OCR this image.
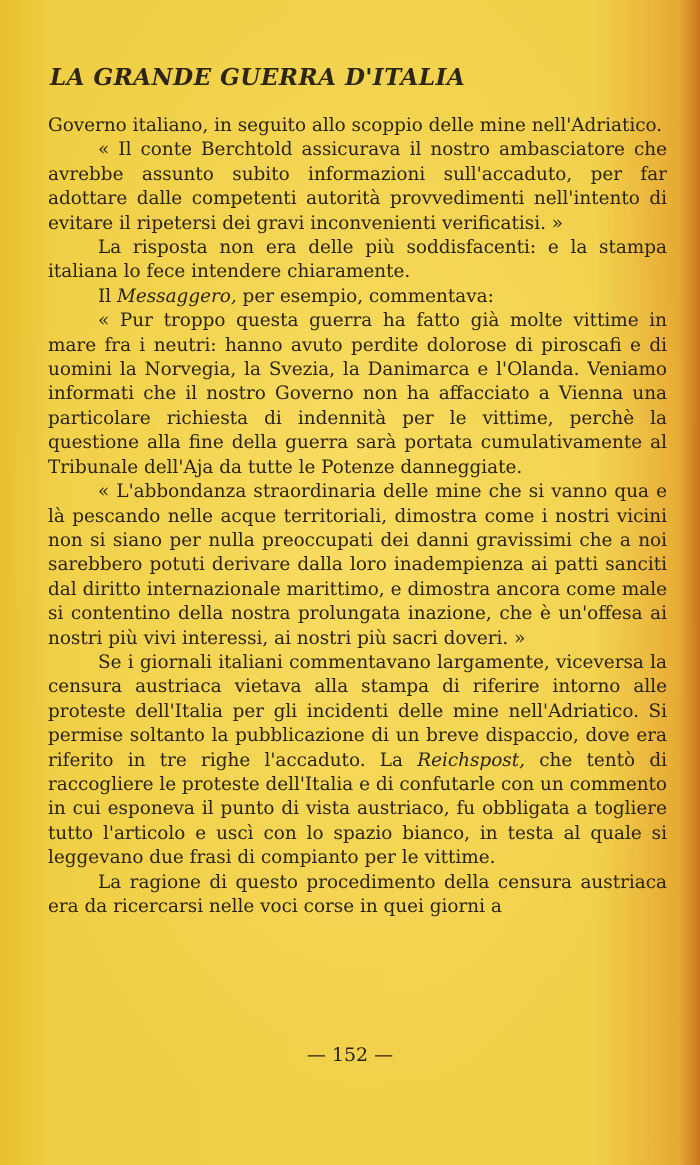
LA GRANDE GUERRA D'ITALIA

Governo italiano, in seguito allo scoppio delle mine nell'Adriatico.

« Il conte Berchtold assicurava il nostro ambasciatore che avrebbe assunto subito informazioni sull'accaduto, per far adottare dalle competenti autorità provvedimenti nell'intento di evitare il ripetersi dei gravi inconvenienti verificatisi. »

La risposta non era delle più soddisfacenti: e la stampa italiana lo fece intendere chiaramente.

Il Messaggero, per esempio, commentava:

« Pur troppo questa guerra ha fatto già molte vittime in mare fra i neutri: hanno avuto perdite dolorose di piroscafi e di uomini la Norvegia, la Svezia, la Danimarca e l'Olanda. Veniamo informati che il nostro Governo non ha affacciato a Vienna una particolare richiesta di indennità per le vittime, perchè la questione alla fine della guerra sarà portata cumulativamente al Tribunale dell'Aja da tutte le Potenze danneggiate.

« L'abbondanza straordinaria delle mine che si vanno qua e là pescando nelle acque territoriali, dimostra come i nostri vicini non si siano per nulla preoccupati dei danni gravissimi che a noi sarebbero potuti derivare dalla loro inadempienza ai patti sanciti dal diritto internazionale marittimo, e dimostra ancora come male si contentino della nostra prolungata inazione, che è un'offesa ai nostri più vivi interessi, ai nostri più sacri doveri. »

Se i giornali italiani commentavano largamente, viceversa la censura austriaca vietava alla stampa di riferire intorno alle proteste dell'Italia per gli incidenti delle mine nell'Adriatico. Si permise soltanto la pubblicazione di un breve dispaccio, dove era riferito in tre righe l'accaduto. La Reichspost, che tentò di raccogliere le proteste dell'Italia e di confutarle con un commento in cui esponeva il punto di vista austriaco, fu obbligata a togliere tutto l'articolo e uscì con lo spazio bianco, in testa al quale si leggevano due frasi di compianto per le vittime.

La ragione di questo procedimento della censura austriaca era da ricercarsi nelle voci corse in quei giorni a

— 152 —
